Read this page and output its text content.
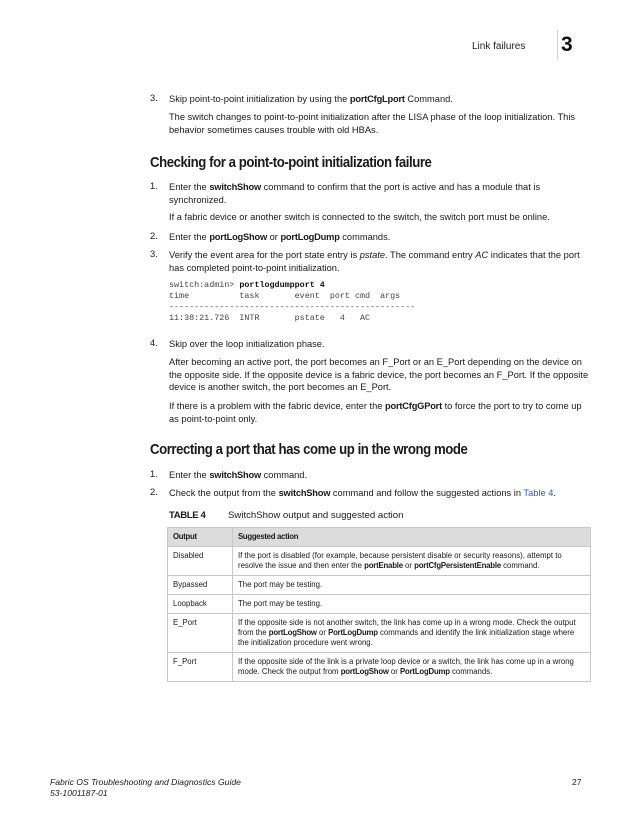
Link failures 3
3. Skip point-to-point initialization by using the portCfgLport Command.
The switch changes to point-to-point initialization after the LISA phase of the loop initialization. This behavior sometimes causes trouble with old HBAs.
Checking for a point-to-point initialization failure
1. Enter the switchShow command to confirm that the port is active and has a module that is synchronized.
If a fabric device or another switch is connected to the switch, the switch port must be online.
2. Enter the portLogShow or portLogDump commands.
3. Verify the event area for the port state entry is pstate. The command entry AC indicates that the port has completed point-to-point initialization.
switch:admin> portlogdumpport 4
time          task       event  port cmd  args
-------------------------------------------------
11:38:21.726  INTR       pstate   4   AC
4. Skip over the loop initialization phase.
After becoming an active port, the port becomes an F_Port or an E_Port depending on the device on the opposite side. If the opposite device is a fabric device, the port becomes an F_Port. If the opposite device is another switch, the port becomes an E_Port.
If there is a problem with the fabric device, enter the portCfgGPort to force the port to try to come up as point-to-point only.
Correcting a port that has come up in the wrong mode
1. Enter the switchShow command.
2. Check the output from the switchShow command and follow the suggested actions in Table 4.
TABLE 4 SwitchShow output and suggested action
Output	Suggested action
Disabled	If the port is disabled (for example, because persistent disable or security reasons), attempt to resolve the issue and then enter the portEnable or portCfgPersistentEnable command.
Bypassed	The port may be testing.
Loopback	The port may be testing.
E_Port	If the opposite side is not another switch, the link has come up in a wrong mode. Check the output from the portLogShow or PortLogDump commands and identify the link initialization stage where the initialization procedure went wrong.
F_Port	If the opposite side of the link is a private loop device or a switch, the link has come up in a wrong mode. Check the output from portLogShow or PortLogDump commands.
Fabric OS Troubleshooting and Diagnostics Guide
53-1001187-01
27
